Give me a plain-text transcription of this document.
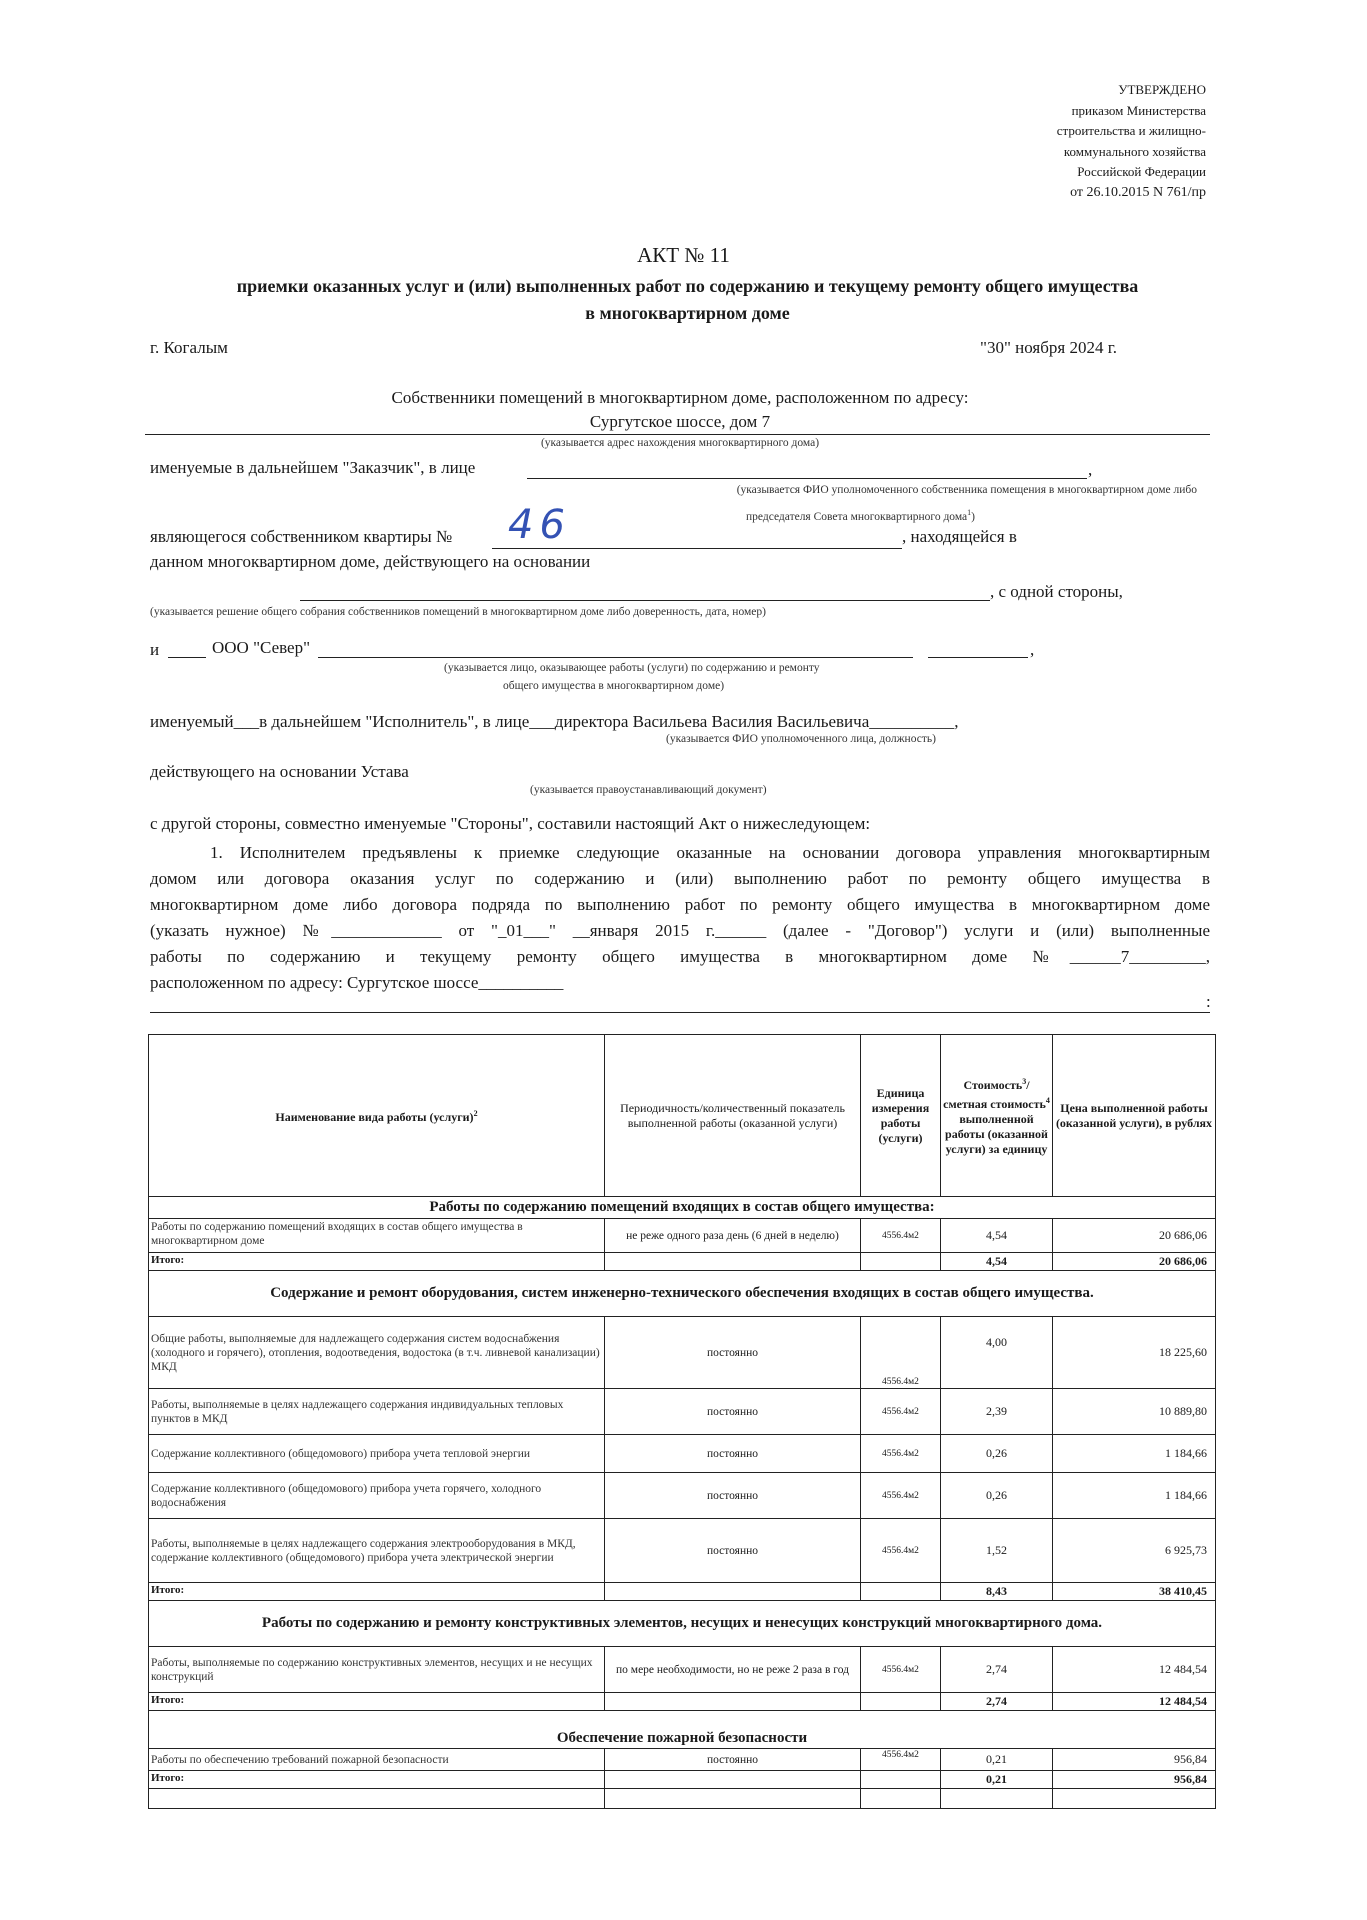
УТВЕРЖДЕНО
приказом Министерства
строительства и жилищно-
коммунального хозяйства
Российской Федерации
от 26.10.2015 N 761/пр
АКТ № 11
приемки оказанных услуг и (или) выполненных работ по содержанию и текущему ремонту общего имущества
в многоквартирном доме
г. Когалым	"30" ноября 2024 г.
Собственники помещений в многоквартирном доме, расположенном по адресу:
Сургутское шоссе, дом 7
(указывается адрес нахождения многоквартирного дома)
именуемые в дальнейшем "Заказчик", в лице	,
(указывается ФИО уполномоченного собственника помещения в многоквартирном доме либо
председателя Совета многоквартирного дома$^1$)
являющегося собственником квартиры № 46	, находящейся в
данном многоквартирном доме, действующего на основании
, с одной стороны,
(указывается решение общего собрания собственников помещений в многоквартирном доме либо доверенность, дата, номер)
и	ООО "Север"	,
(указывается лицо, оказывающее работы (услуги) по содержанию и ремонту
общего имущества в многоквартирном доме)
именуемый___в дальнейшем "Исполнитель", в лице___директора Васильева Василия Васильевича__________,
(указывается ФИО уполномоченного лица, должность)
действующего на основании Устава
(указывается правоустанавливающий документ)
с другой стороны, совместно именуемые "Стороны", составили настоящий Акт о нижеследующем:
1. Исполнителем предъявлены к приемке следующие оказанные на основании договора управления многоквартирным
домом или договора оказания услуг по содержанию и (или) выполнению работ по ремонту общего имущества в
многоквартирном доме либо договора подряда по выполнению работ по ремонту общего имущества в многоквартирном доме
(указать нужное) №_____________ от "_01___" __января 2015 г.______ (далее - "Договор") услуги и (или) выполненные
работы по содержанию и текущему ремонту общего имущества в многоквартирном доме №______7_________,
расположенном по адресу: Сургутское шоссе__________
:
Наименование вида работы (услуги)$^2$	Периодичность/количественный показатель выполненной работы (оказанной услуги)	Единица измерения работы (услуги)	Стоимость$^3$/сметная стоимость$^4$ выполненной работы (оказанной услуги) за единицу	Цена выполненной работы (оказанной услуги), в рублях
Работы по содержанию помещений входящих в состав общего имущества:				
Работы по содержанию помещений входящих в состав общего имущества в многоквартирном доме	не реже одного раза день (6 дней в неделю)	4556.4м2	4,54	20 686,06
Итого:			4,54	20 686,06
Содержание и ремонт оборудования, систем инженерно-технического обеспечения входящих в состав общего имущества.				
Общие работы, выполняемые для надлежащего содержания систем водоснабжения (холодного и горячего), отопления, водоотведения, водостока (в т.ч. ливневой канализации) МКД	постоянно	4556.4м2	4,00	18 225,60
Работы, выполняемые в целях надлежащего содержания индивидуальных тепловых пунктов в МКД	постоянно	4556.4м2	2,39	10 889,80
Содержание коллективного (общедомового) прибора учета тепловой энергии	постоянно	4556.4м2	0,26	1 184,66
Содержание коллективного (общедомового) прибора учета горячего, холодного водоснабжения	постоянно	4556.4м2	0,26	1 184,66
Работы, выполняемые в целях надлежащего содержания электрооборудования в МКД, содержание коллективного (общедомового) прибора учета электрической энергии	постоянно	4556.4м2	1,52	6 925,73
Итого:			8,43	38 410,45
Работы по содержанию и ремонту конструктивных элементов, несущих и ненесущих конструкций многоквартирного дома.				
Работы, выполняемые по содержанию конструктивных элементов, несущих и не несущих конструкций	по мере необходимости, но не реже 2 раза в год	4556.4м2	2,74	12 484,54
Итого:			2,74	12 484,54
Обеспечение пожарной безопасности				
Работы по обеспечению требований пожарной безопасности	постоянно	4556.4м2	0,21	956,84
Итого:			0,21	956,84
